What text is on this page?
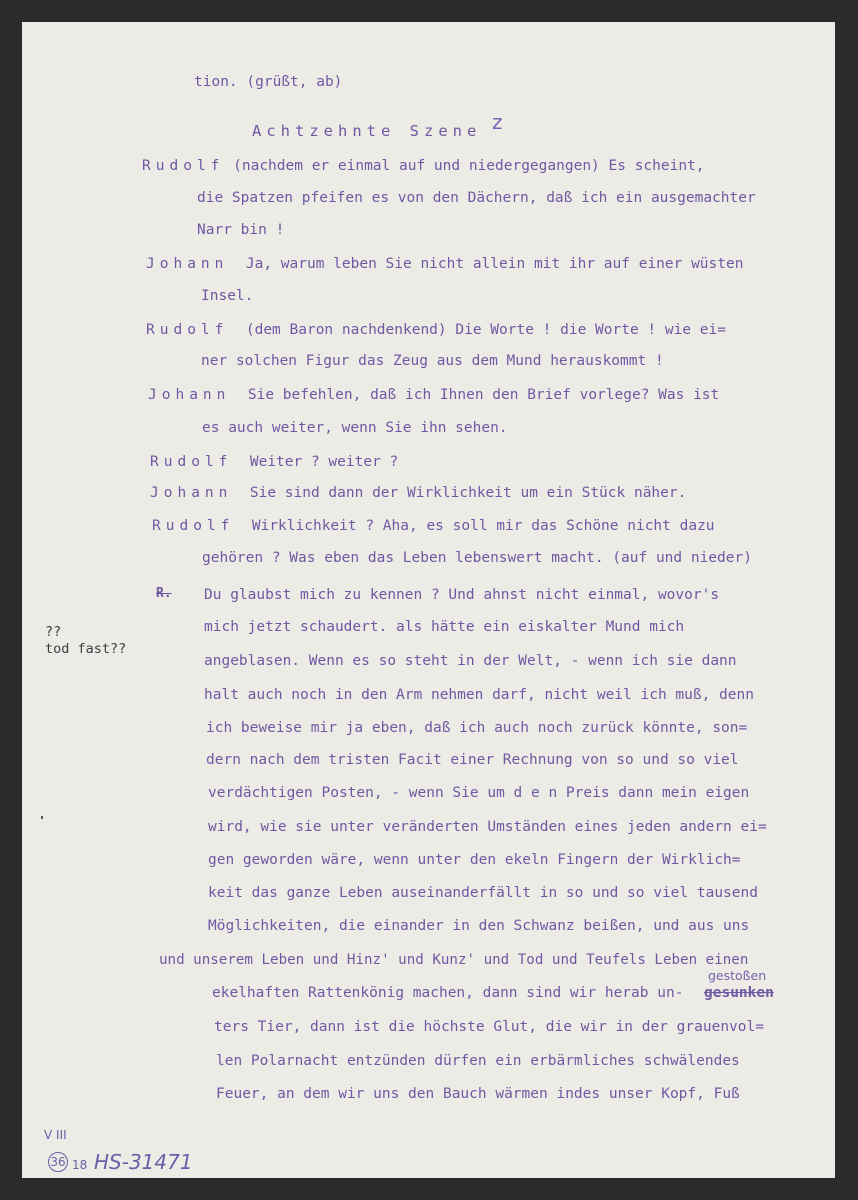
tion. (grüßt, ab)
Achtzehnte Szene z
Rudolf (nachdem er einmal auf und niedergegangen) Es scheint,
die Spatzen pfeifen es von den Dächern, daß ich ein ausgemachter
Narr bin !
Johann Ja, warum leben Sie nicht allein mit ihr auf einer wüsten
Insel.
Rudolf (dem Baron nachdenkend) Die Worte ! die Worte ! wie ei=
ner solchen Figur das Zeug aus dem Mund herauskommt !
Johann Sie befehlen, daß ich Ihnen den Brief vorlege? Was ist
es auch weiter, wenn Sie ihn sehen.
Rudolf Weiter ? weiter ?
Johann Sie sind dann der Wirklichkeit um ein Stück näher.
Rudolf Wirklichkeit ? Aha, es soll mir das Schöne nicht dazu
gehören ? Was eben das Leben lebenswert macht. (auf und nieder)
R. Du glaubst mich zu kennen ? Und ahnst nicht einmal, wovor's
??
tod fast??
mich jetzt schaudert. als hätte ein eiskalter Mund mich
angeblasen. Wenn es so steht in der Welt, - wenn ich sie dann
halt auch noch in den Arm nehmen darf, nicht weil ich muß, denn
ich beweise mir ja eben, daß ich auch noch zurück könnte, son=
dern nach dem tristen Facit einer Rechnung von so und so viel
verdächtigen Posten, - wenn Sie um d e n Preis dann mein eigen
wird, wie sie unter veränderten Umständen eines jeden andern ei=
gen geworden wäre, wenn unter den ekeln Fingern der Wirklich=
keit das ganze Leben auseinanderfällt in so und so viel tausend
Möglichkeiten, die einander in den Schwanz beißen, und aus uns
und unserem Leben und Hinz' und Kunz' und Tod und Teufels Leben einen
gestoßen
ekelhaften Rattenkönig machen, dann sind wir herab un- gesunken
ters Tier, dann ist die höchste Glut, die wir in der grauenvol=
len Polarnacht entzünden dürfen ein erbärmliches schwälendes
Feuer, an dem wir uns den Bauch wärmen indes unser Kopf, Fuß
V III
36 18 HS-31471
